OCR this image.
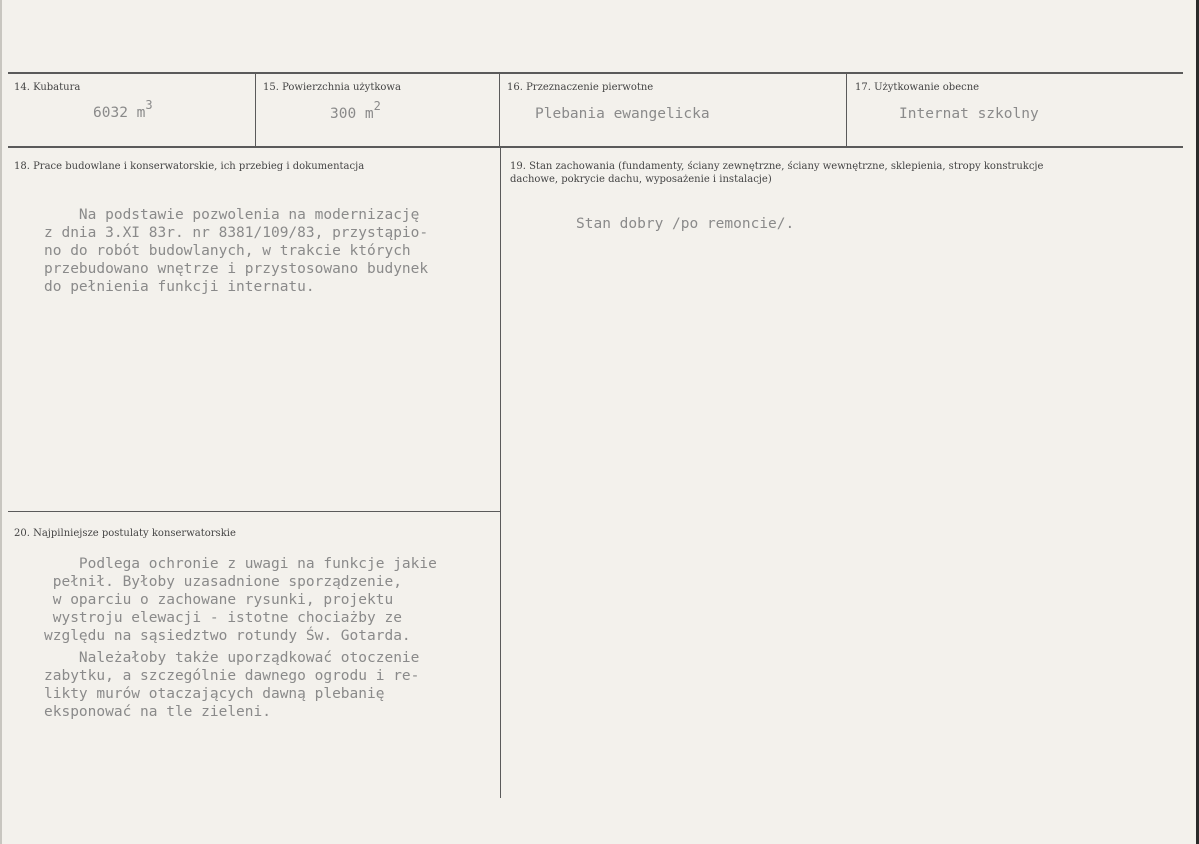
14. Kubatura
6032 $m^3$
15. Powierzchnia użytkowa
300 $m^2$
16. Przeznaczenie pierwotne
Plebania ewangelicka
17. Użytkowanie obecne
Internat szkolny
18. Prace budowlane i konserwatorskie, ich przebieg i dokumentacja
Na podstawie pozwolenia na modernizację
z dnia 3.XI 83r. nr 8381/109/83, przystąpio-
no do robót budowlanych, w trakcie których
przebudowano wnętrze i przystosowano budynek
do pełnienia funkcji internatu.
19. Stan zachowania (fundamenty, ściany zewnętrzne, ściany wewnętrzne, sklepienia, stropy konstrukcje dachowe, pokrycie dachu, wyposażenie i instalacje)
Stan dobry /po remoncie/.
20. Najpilniejsze postulaty konserwatorskie
Podlega ochronie z uwagi na funkcje jakie
pełnił. Byłoby uzasadnione sporządzenie,
w oparciu o zachowane rysunki, projektu
wystroju elewacji - istotne chociażby ze
względu na sąsiedztwo rotundy Św. Gotarda.
Należałoby także uporządkować otoczenie
zabytku, a szczególnie dawnego ogrodu i re-
likty murów otaczających dawną plebanię
eksponować na tle zieleni.
